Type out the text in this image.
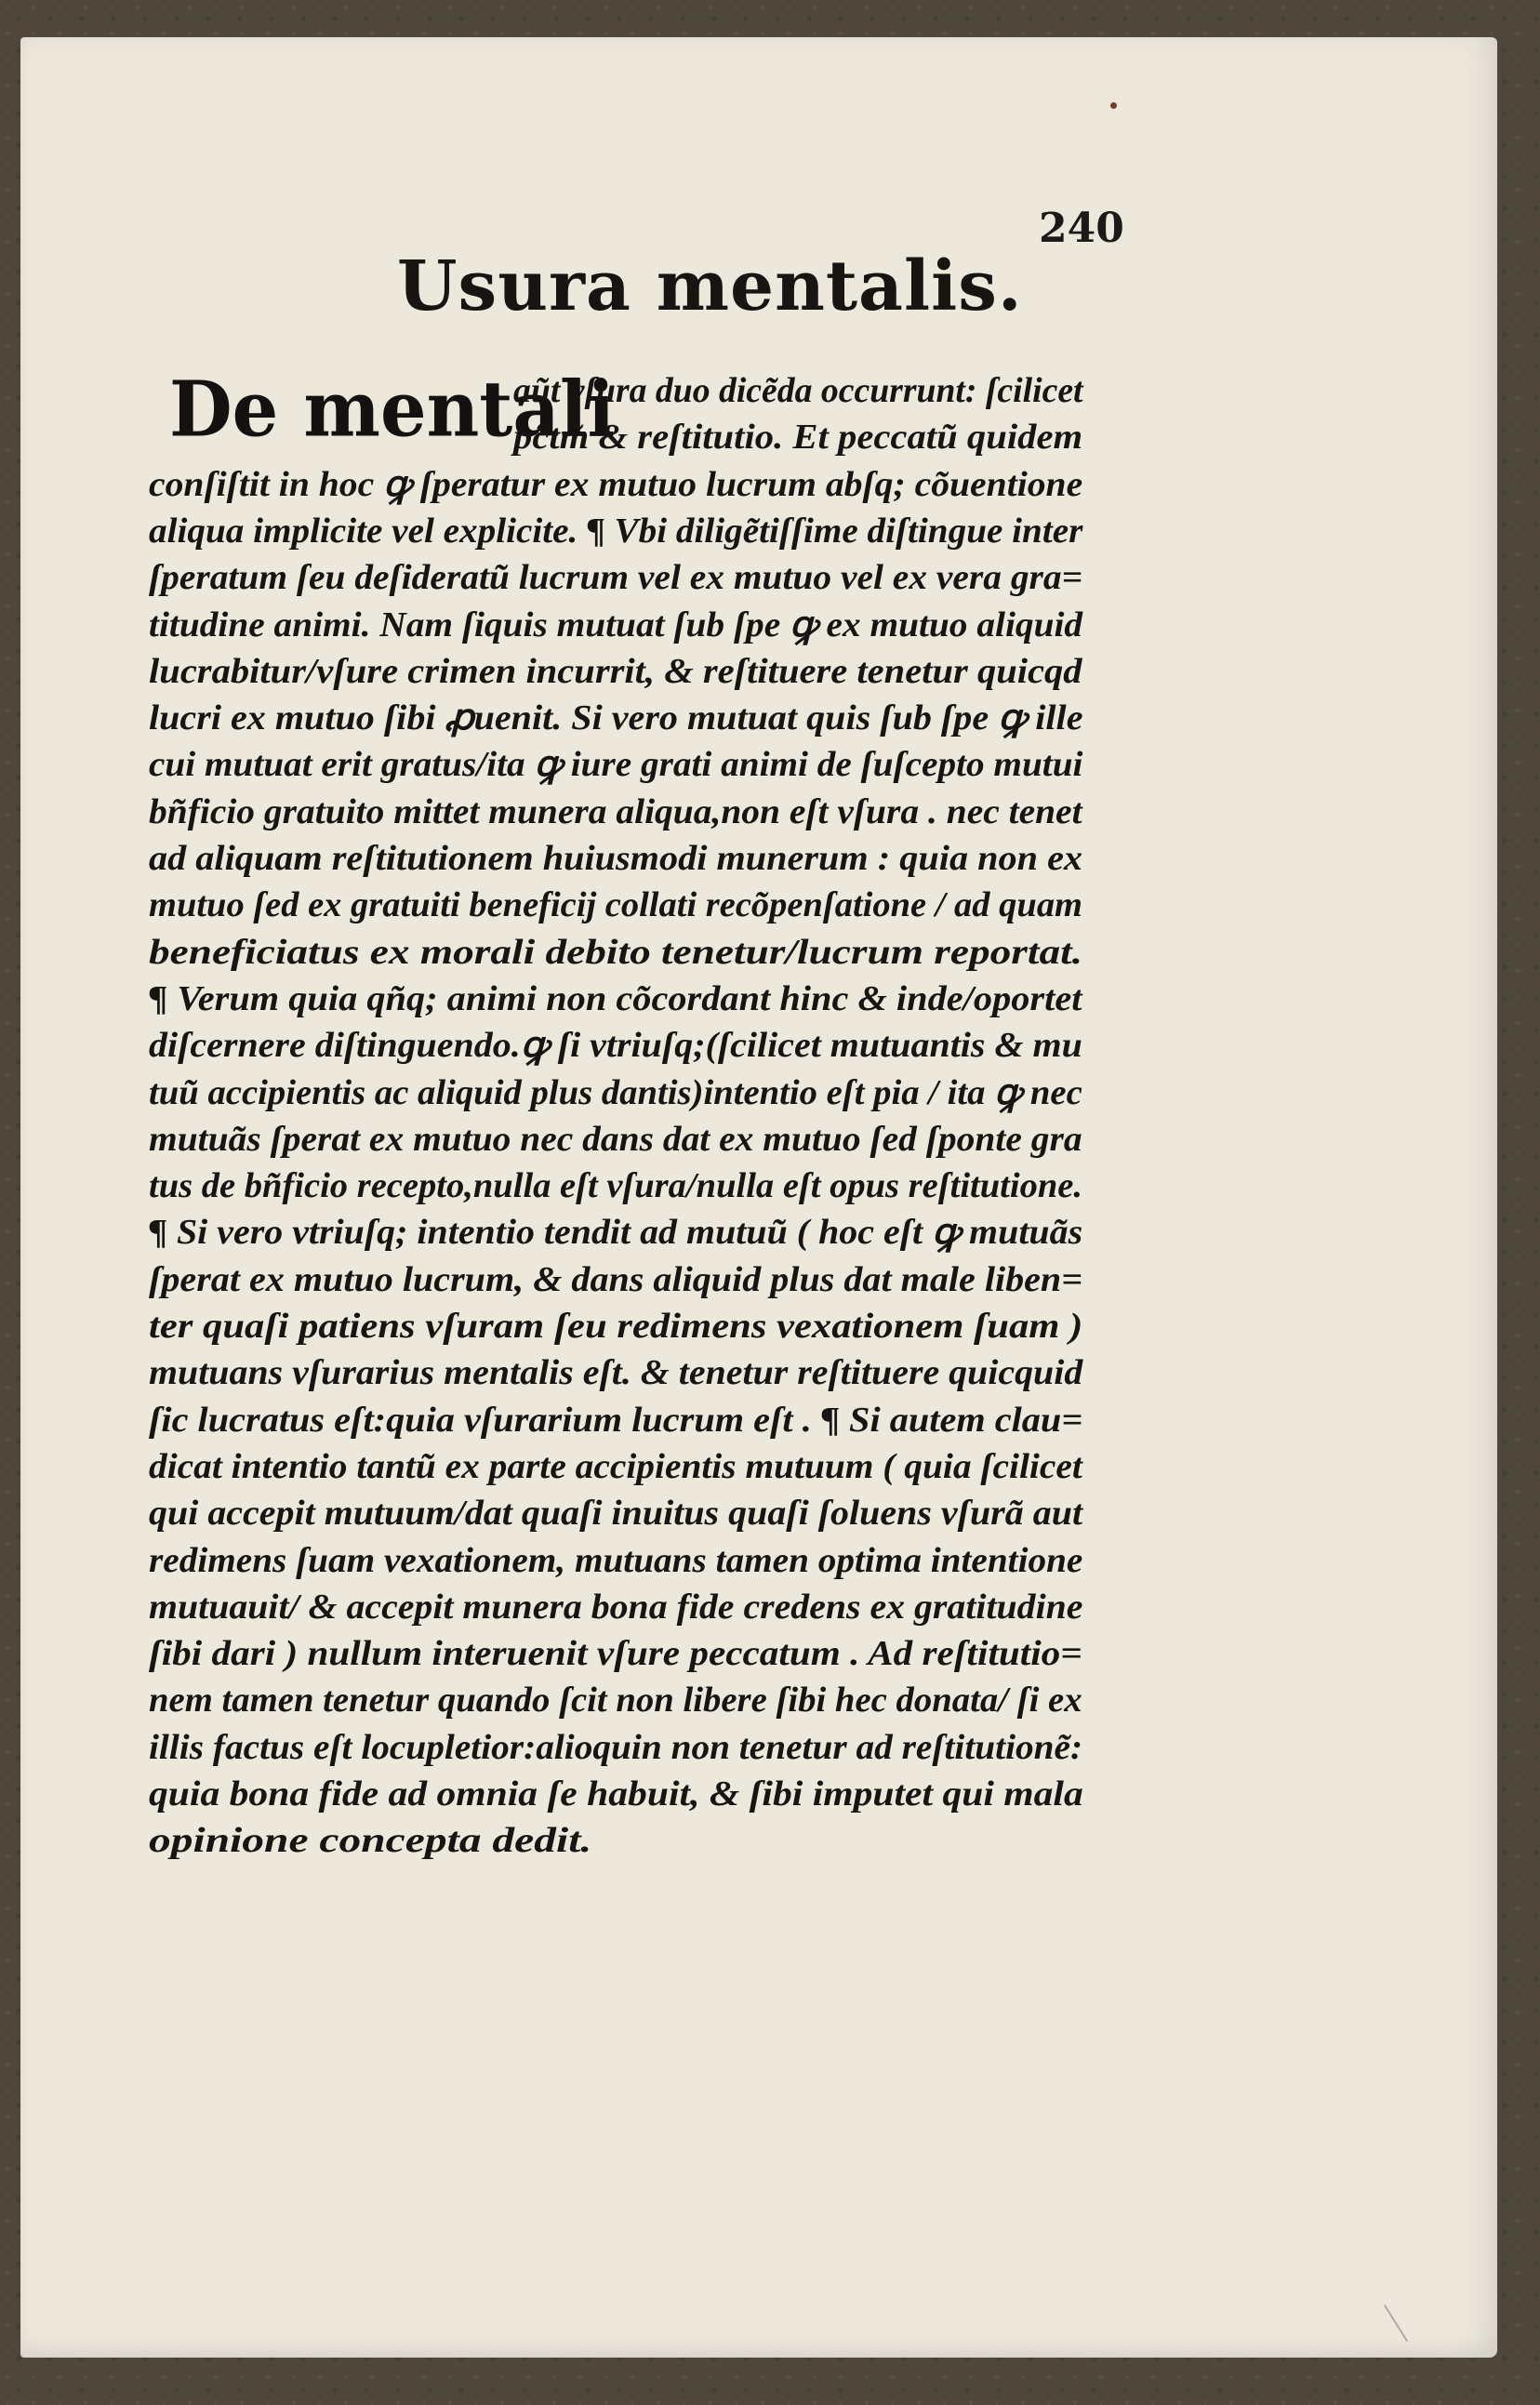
240
Usura mentalis.
De mentali
aũt vſura duo dicẽda occurrunt: ſcilicet
pc̃tm̃ & reſtitutio. Et peccatũ quidem
conſiſtit in hoc ꝙ ſperatur ex mutuo lucrum abſq; cõuentione
aliqua implicite vel explicite. ¶ Vbi diligẽtiſſime diſtingue inter
ſperatum ſeu deſideratũ lucrum vel ex mutuo vel ex vera gra=
titudine animi. Nam ſiquis mutuat ſub ſpe ꝙ ex mutuo aliquid
lucrabitur/vſure crimen incurrit, & reſtituere tenetur quicqd
lucri ex mutuo ſibi ꝓuenit. Si vero mutuat quis ſub ſpe ꝙ ille
cui mutuat erit gratus/ita ꝙ iure grati animi de ſuſcepto mutui
bñficio gratuito mittet munera aliqua,non eſt vſura . nec tenet
ad aliquam reſtitutionem huiusmodi munerum : quia non ex
mutuo ſed ex gratuiti beneficij collati recõpenſatione / ad quam
beneficiatus ex morali debito tenetur/lucrum reportat.
¶ Verum quia qñq; animi non cõcordant hinc & inde/oportet
diſcernere diſtinguendo.ꝙ ſi vtriuſq;(ſcilicet mutuantis & mu
tuũ accipientis ac aliquid plus dantis)intentio eſt pia / ita ꝙ nec
mutuãs ſperat ex mutuo nec dans dat ex mutuo ſed ſponte gra
tus de bñficio recepto,nulla eſt vſura/nulla eſt opus reſtitutione.
¶ Si vero vtriuſq; intentio tendit ad mutuũ ( hoc eſt ꝙ mutuãs
ſperat ex mutuo lucrum, & dans aliquid plus dat male liben=
ter quaſi patiens vſuram ſeu redimens vexationem ſuam )
mutuans vſurarius mentalis eſt. & tenetur reſtituere quicquid
ſic lucratus eſt:quia vſurarium lucrum eſt . ¶ Si autem clau=
dicat intentio tantũ ex parte accipientis mutuum ( quia ſcilicet
qui accepit mutuum/dat quaſi inuitus quaſi ſoluens vſurã aut
redimens ſuam vexationem, mutuans tamen optima intentione
mutuauit/ & accepit munera bona fide credens ex gratitudine
ſibi dari ) nullum interuenit vſure peccatum . Ad reſtitutio=
nem tamen tenetur quando ſcit non libere ſibi hec donata/ ſi ex
illis factus eſt locupletior:alioquin non tenetur ad reſtitutionẽ:
quia bona fide ad omnia ſe habuit, & ſibi imputet qui mala
opinione concepta dedit.
